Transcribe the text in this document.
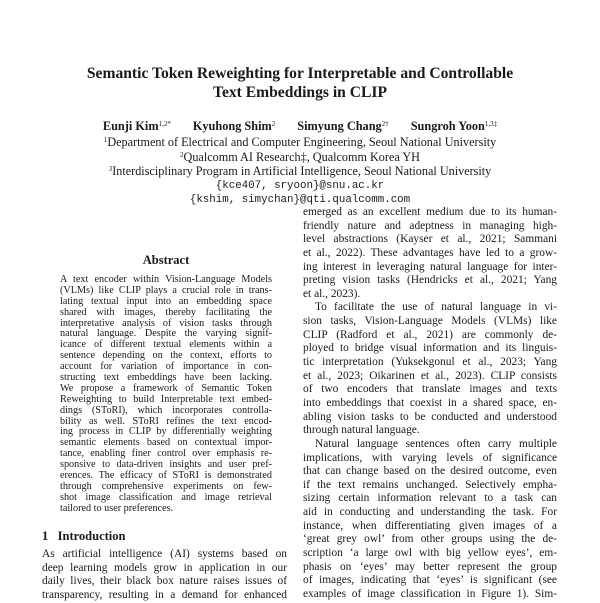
Semantic Token Reweighting for Interpretable and Controllable
Text Embeddings in CLIP
Eunji Kim$^{1,2*}$ Kyuhong Shim$^2$ Simyung Chang$^{2\dagger}$ Sungroh Yoon$^{1,3\ddagger}$
$^1$Department of Electrical and Computer Engineering, Seoul National University
$^2$Qualcomm AI Research‡, Qualcomm Korea YH
$^3$Interdisciplinary Program in Artificial Intelligence, Seoul National University
{kce407, sryoon}@snu.ac.kr
{kshim, simychan}@qti.qualcomm.com
Abstract
A text encoder within Vision-Language Models
(VLMs) like CLIP plays a crucial role in trans-
lating textual input into an embedding space
shared with images, thereby facilitating the
interpretative analysis of vision tasks through
natural language. Despite the varying signif-
icance of different textual elements within a
sentence depending on the context, efforts to
account for variation of importance in con-
structing text embeddings have been lacking.
We propose a framework of Semantic Token
Reweighting to build Interpretable text embed-
dings (SToRI), which incorporates controlla-
bility as well. SToRI refines the text encod-
ing process in CLIP by differentially weighting
semantic elements based on contextual impor-
tance, enabling finer control over emphasis re-
sponsive to data-driven insights and user pref-
erences. The efficacy of SToRI is demonstrated
through comprehensive experiments on few-
shot image classification and image retrieval
tailored to user preferences.
1   Introduction
As artificial intelligence (AI) systems based on
deep learning models grow in application in our
daily lives, their black box nature raises issues of
transparency, resulting in a demand for enhanced
emerged as an excellent medium due to its human-
friendly nature and adeptness in managing high-
level abstractions (Kayser et al., 2021; Sammani
et al., 2022). These advantages have led to a grow-
ing interest in leveraging natural language for inter-
preting vision tasks (Hendricks et al., 2021; Yang
et al., 2023).
To facilitate the use of natural language in vi-
sion tasks, Vision-Language Models (VLMs) like
CLIP (Radford et al., 2021) are commonly de-
ployed to bridge visual information and its linguis-
tic interpretation (Yuksekgonul et al., 2023; Yang
et al., 2023; Oikarinen et al., 2023). CLIP consists
of two encoders that translate images and texts
into embeddings that coexist in a shared space, en-
abling vision tasks to be conducted and understood
through natural language.
Natural language sentences often carry multiple
implications, with varying levels of significance
that can change based on the desired outcome, even
if the text remains unchanged. Selectively empha-
sizing certain information relevant to a task can
aid in conducting and understanding the task. For
instance, when differentiating given images of a
‘great grey owl’ from other groups using the de-
scription ‘a large owl with big yellow eyes’, em-
phasis on ‘eyes’ may better represent the group
of images, indicating that ‘eyes’ is significant (see
examples of image classification in Figure 1). Sim-
